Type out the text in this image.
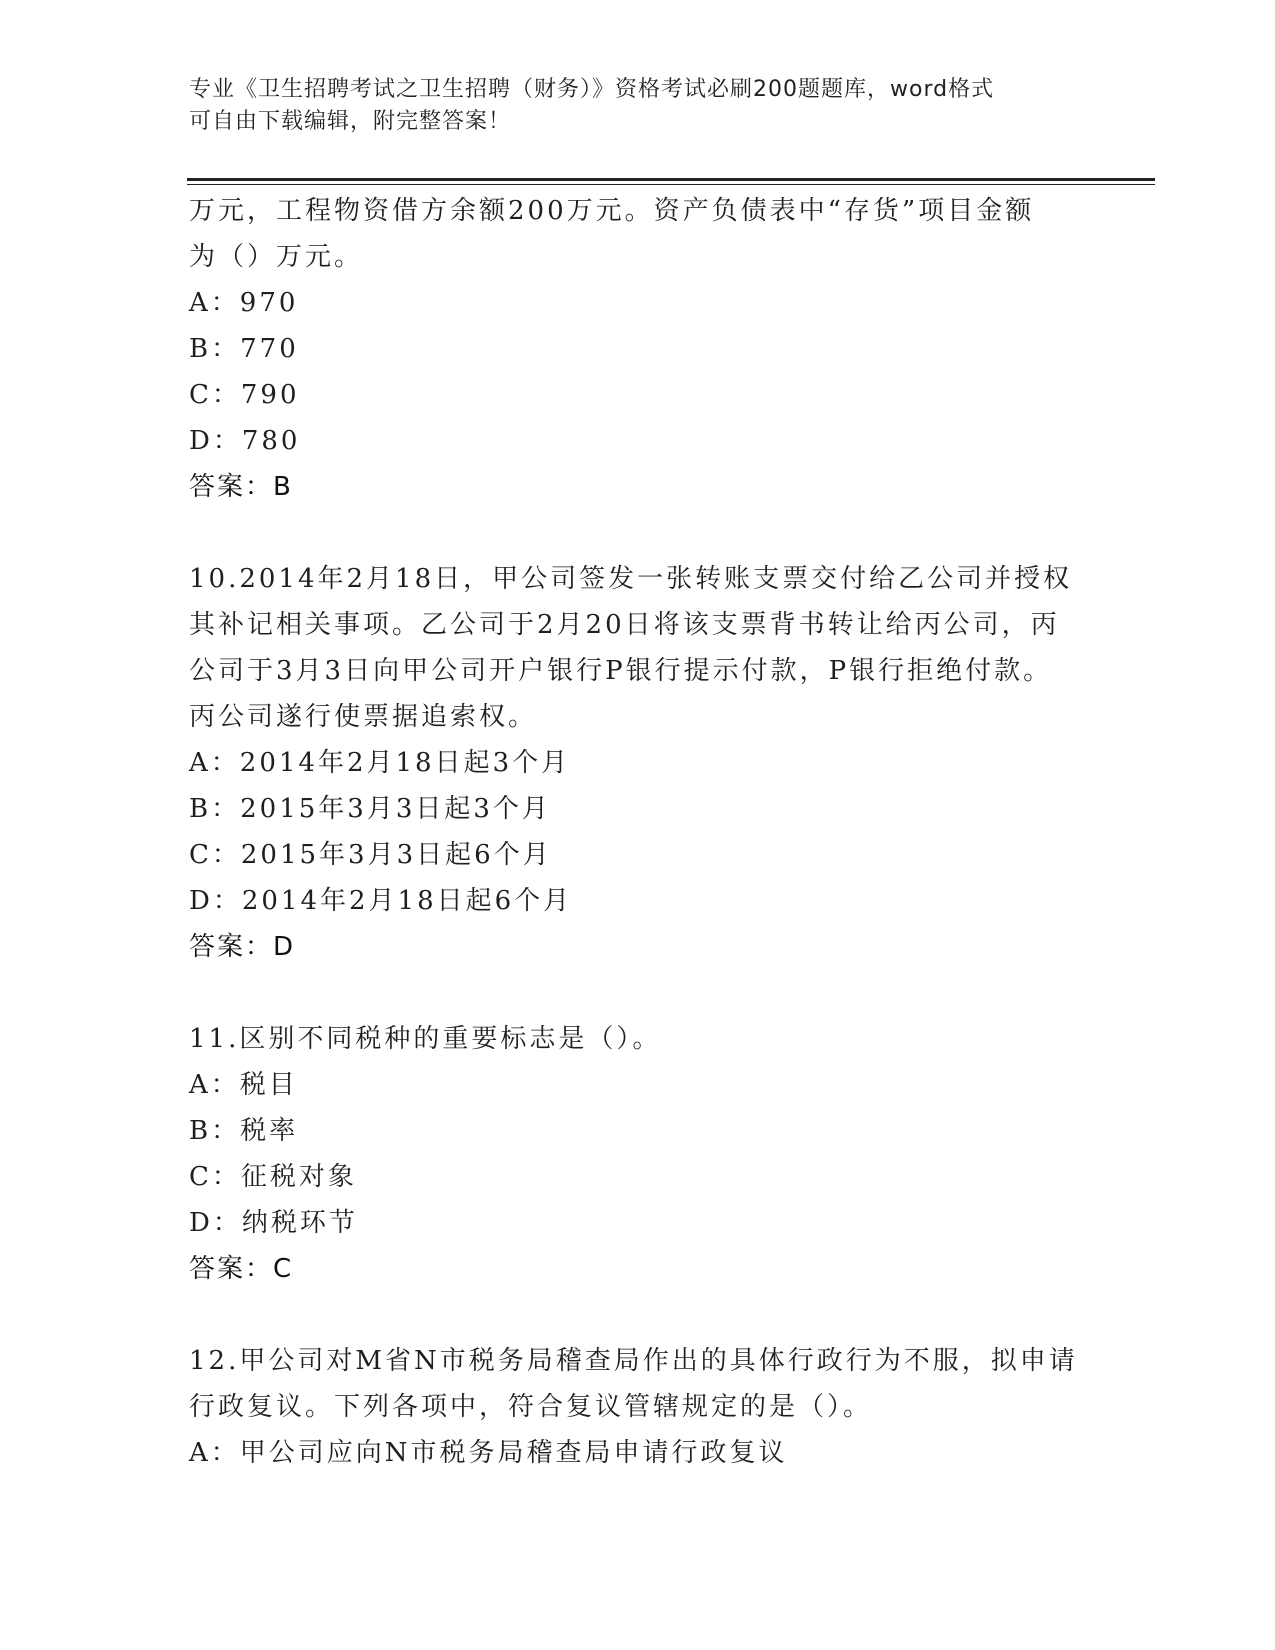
专业《卫生招聘考试之卫生招聘（财务）》资格考试必刷200题题库，word格式
可自由下载编辑，附完整答案！
万元，工程物资借方余额200万元。资产负债表中“存货”项目金额
为（）万元。
A：970
B：770
C：790
D：780
答案：B
10.2014年2月18日，甲公司签发一张转账支票交付给乙公司并授权
其补记相关事项。乙公司于2月20日将该支票背书转让给丙公司，丙
公司于3月3日向甲公司开户银行P银行提示付款，P银行拒绝付款。
丙公司遂行使票据追索权。
A：2014年2月18日起3个月
B：2015年3月3日起3个月
C：2015年3月3日起6个月
D：2014年2月18日起6个月
答案：D
11.区别不同税种的重要标志是（）。
A：税目
B：税率
C：征税对象
D：纳税环节
答案：C
12.甲公司对M省N市税务局稽查局作出的具体行政行为不服，拟申请
行政复议。下列各项中，符合复议管辖规定的是（）。
A：甲公司应向N市税务局稽查局申请行政复议
